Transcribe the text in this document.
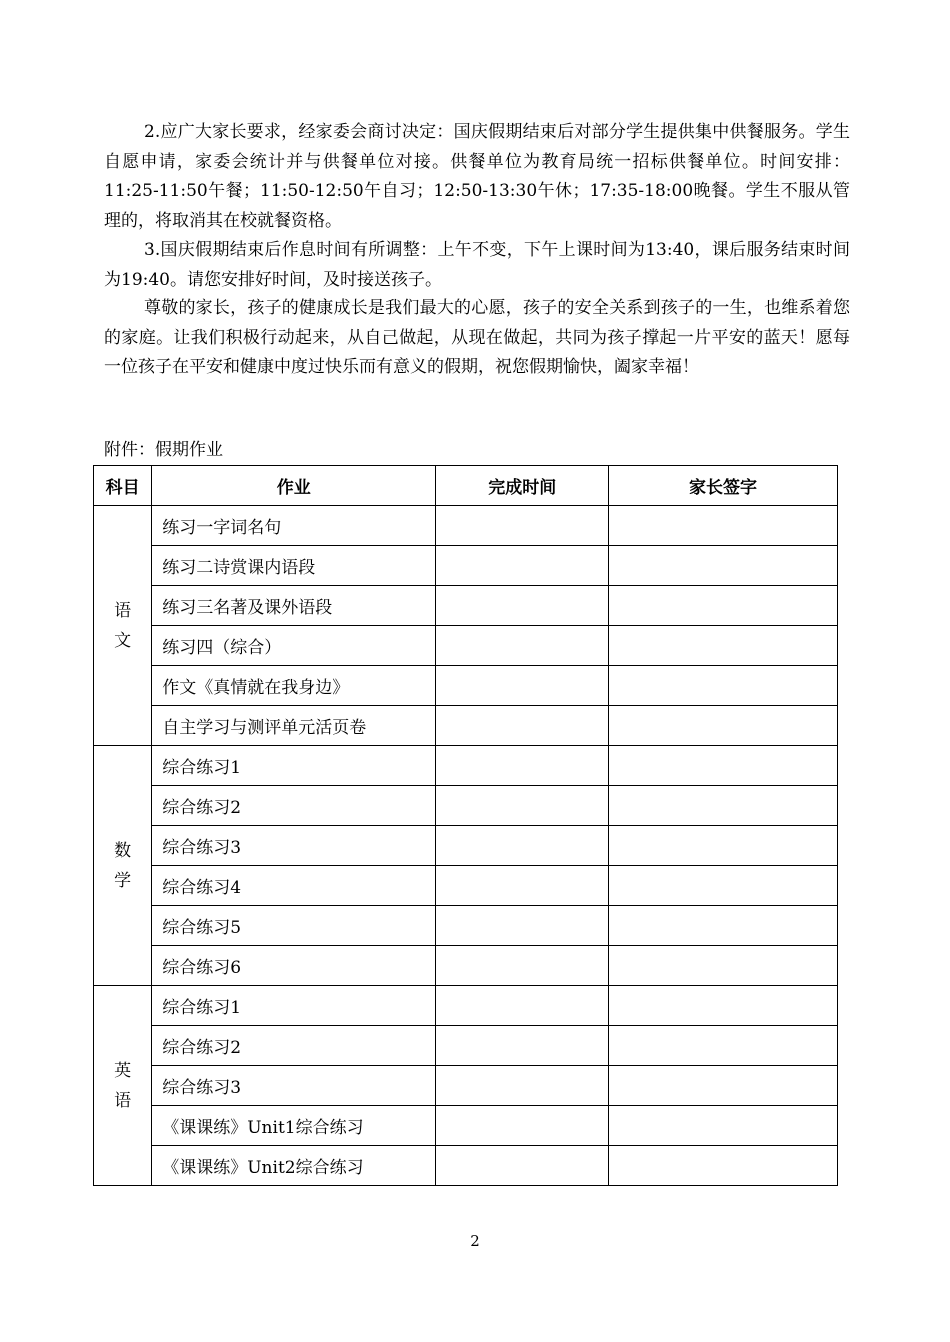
2.应广大家长要求，经家委会商讨决定：国庆假期结束后对部分学生提供集中供餐服务。学生自愿申请，家委会统计并与供餐单位对接。供餐单位为教育局统一招标供餐单位。时间安排：11:25-11:50午餐；11:50-12:50午自习；12:50-13:30午休；17:35-18:00晚餐。学生不服从管理的，将取消其在校就餐资格。

3.国庆假期结束后作息时间有所调整：上午不变，下午上课时间为13:40，课后服务结束时间为19:40。请您安排好时间，及时接送孩子。

尊敬的家长，孩子的健康成长是我们最大的心愿，孩子的安全关系到孩子的一生，也维系着您的家庭。让我们积极行动起来，从自己做起，从现在做起，共同为孩子撑起一片平安的蓝天！愿每一位孩子在平安和健康中度过快乐而有意义的假期，祝您假期愉快，阖家幸福！

附件：假期作业
科目	作业	完成时间	家长签字

语
文	练习一字词名句		
	练习二诗赏课内语段		
	练习三名著及课外语段		
	练习四（综合）		
	作文《真情就在我身边》		
	自主学习与测评单元活页卷		

数
学	综合练习1		
	综合练习2		
	综合练习3		
	综合练习4		
	综合练习5		
	综合练习6		

英
语	综合练习1		
	综合练习2		
	综合练习3		
	《课课练》Unit1综合练习		
	《课课练》Unit2综合练习		
2
